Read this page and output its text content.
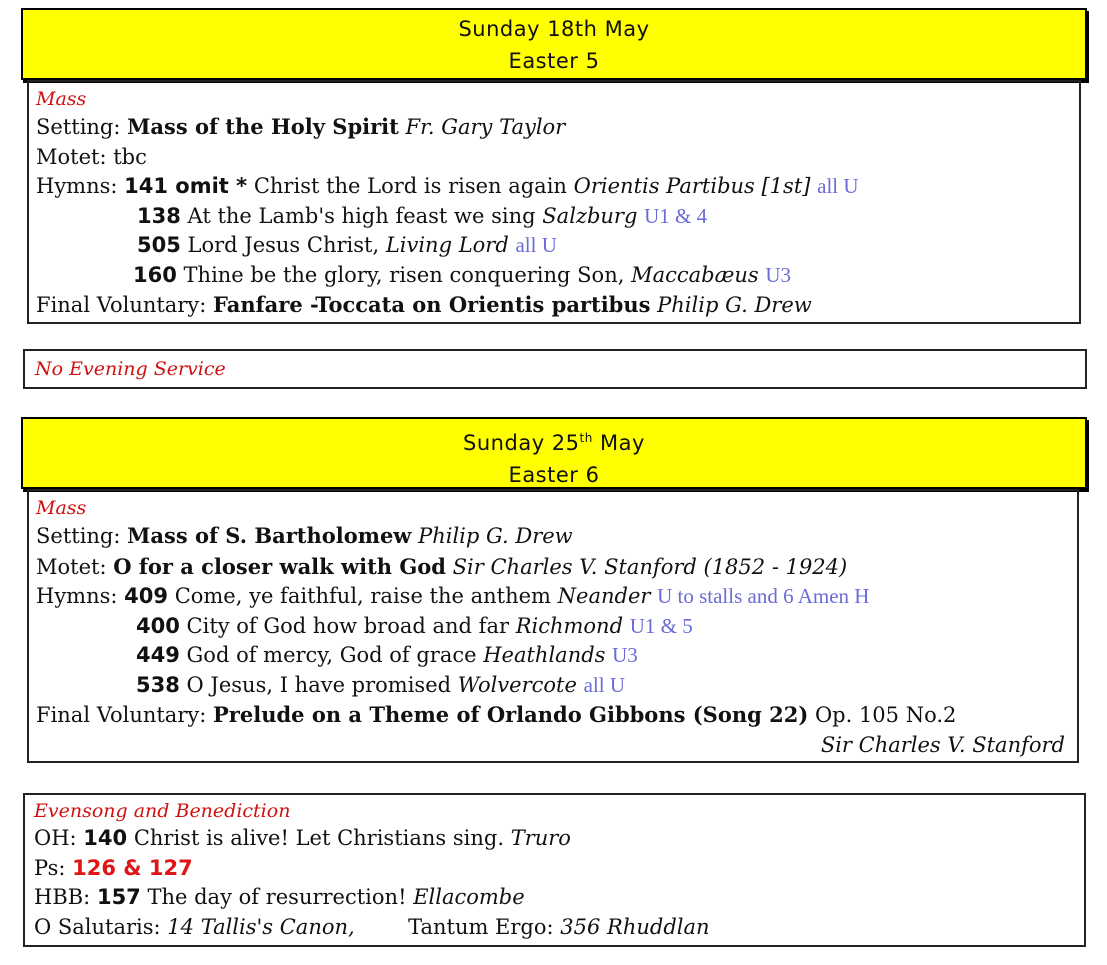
Sunday 18th May
Easter 5
Mass
Setting: Mass of the Holy Spirit Fr. Gary Taylor
Motet: tbc
Hymns: 141 omit * Christ the Lord is risen again Orientis Partibus [1st] all U
138 At the Lamb's high feast we sing Salzburg U1 & 4
505 Lord Jesus Christ, Living Lord all U
160 Thine be the glory, risen conquering Son, Maccabæus U3
Final Voluntary: Fanfare -Toccata on Orientis partibus Philip G. Drew
No Evening Service
Sunday 25th May
Easter 6
Mass
Setting: Mass of S. Bartholomew Philip G. Drew
Motet: O for a closer walk with God Sir Charles V. Stanford (1852 - 1924)
Hymns: 409 Come, ye faithful, raise the anthem Neander U to stalls and 6 Amen H
400 City of God how broad and far Richmond U1 & 5
449 God of mercy, God of grace Heathlands U3
538 O Jesus, I have promised Wolvercote all U
Final Voluntary: Prelude on a Theme of Orlando Gibbons (Song 22) Op. 105 No.2
Sir Charles V. Stanford
Evensong and Benediction
OH: 140 Christ is alive! Let Christians sing. Truro
Ps: 126 & 127
HBB: 157 The day of resurrection! Ellacombe
O Salutaris: 14 Tallis's Canon,	Tantum Ergo: 356 Rhuddlan
